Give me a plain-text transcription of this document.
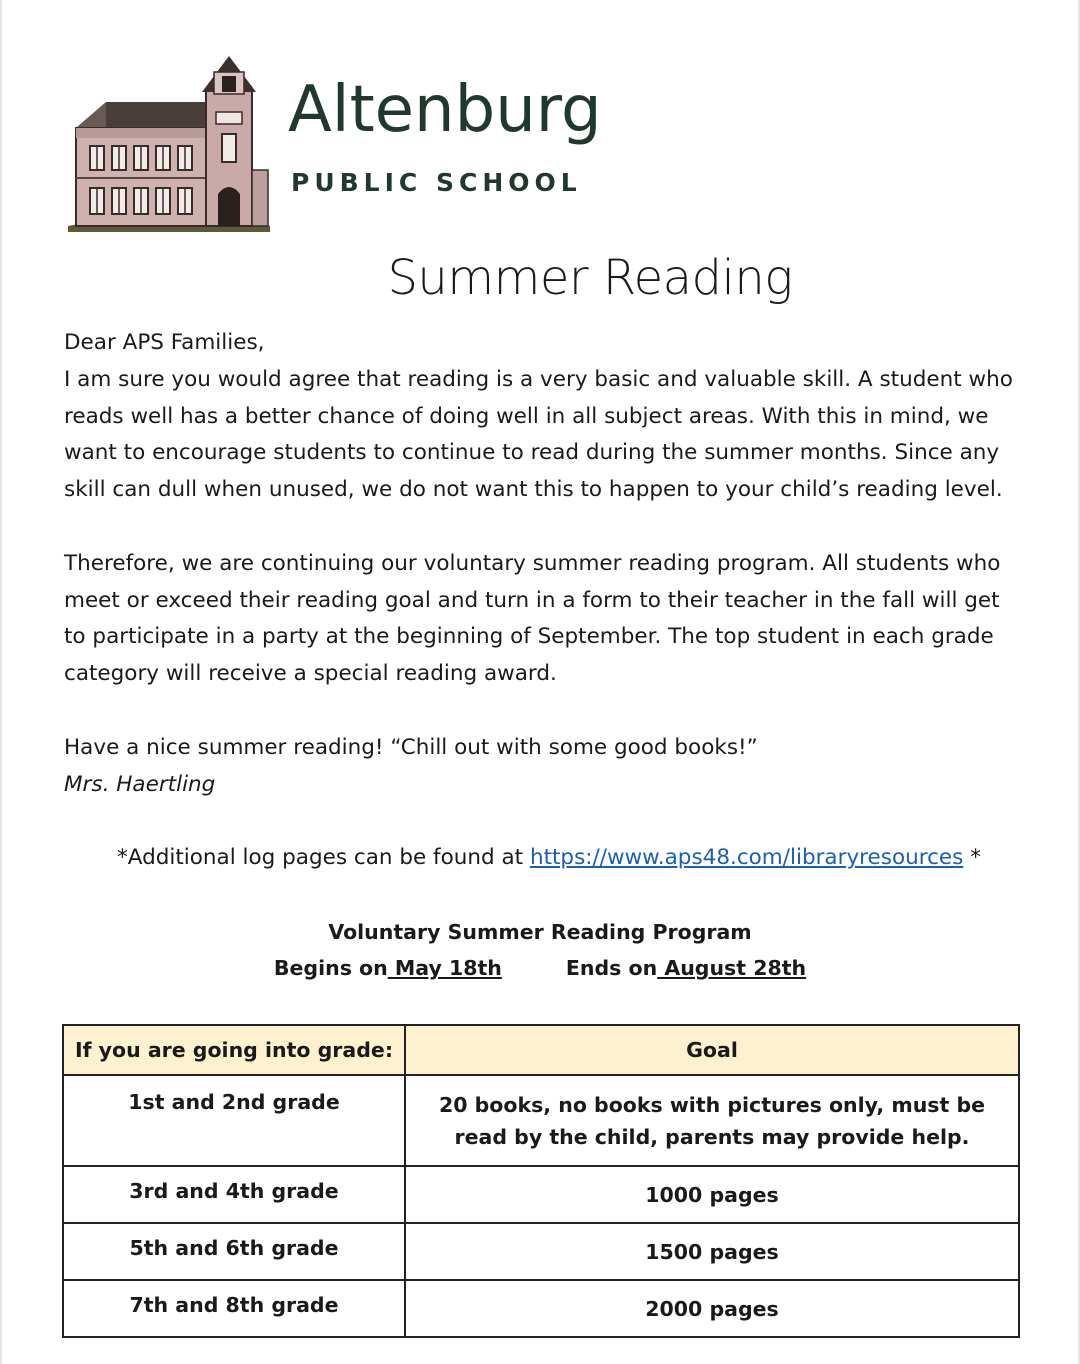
Altenburg
PUBLIC SCHOOL
Summer Reading

Dear APS Families,

I am sure you would agree that reading is a very basic and valuable skill. A student who reads well has a better chance of doing well in all subject areas. With this in mind, we want to encourage students to continue to read during the summer months. Since any skill can dull when unused, we do not want this to happen to your child’s reading level.

Therefore, we are continuing our voluntary summer reading program. All students who meet or exceed their reading goal and turn in a form to their teacher in the fall will get to participate in a party at the beginning of September. The top student in each grade category will receive a special reading award.

Have a nice summer reading! “Chill out with some good books!”

Mrs. Haertling

*Additional log pages can be found at https://www.aps48.com/libraryresources *
Voluntary Summer Reading Program
Begins on May 18th	Ends on August 28th
If you are going into grade:	Goal
1st and 2nd grade	20 books, no books with pictures only, must be read by the child, parents may provide help.
3rd and 4th grade	1000 pages
5th and 6th grade	1500 pages
7th and 8th grade	2000 pages
